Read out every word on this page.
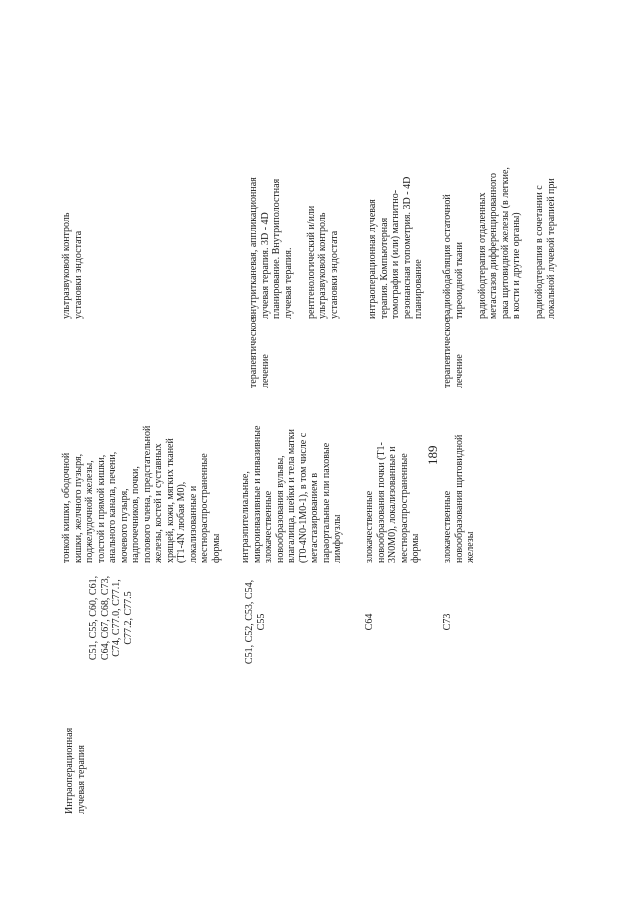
189
Интраоперационная
лучевая терапия
C51, C55, C60, C61,
C64, C67, C68, C73,
C74, C77.0, C77.1,
C77.2, C77.5
тонкой кишки, ободочной
кишки, желчного пузыря,
поджелудочной железы,
толстой и прямой кишки,
анального канала, печени,
мочевого пузыря,
надпочечников, почки,
полового члена, предстательной
железы, костей и суставных
хрящей, кожи, мягких тканей
(T1-4N любая M0),
локализованные и
местнораспространенные
формы
ультразвуковой контроль
установки эндостата
C51, C52, C53, C54,
C55
интраэпителиальные,
микроинвазивные и инвазивные
злокачественные
новообразования вульвы,
влагалища, шейки и тела матки
(T0-4N0-1M0-1), в том числе с
метастазированием в
параортальные или паховые
лимфоузлы
терапевтическое
лечение
внутритканевая, аппликационная
лучевая терапия. 3D - 4D
планирование. Внутриполостная
лучевая терапия.

рентгенологический и/или
ультразвуковой контроль
установки эндостата
C64
злокачественные
новообразования почки (T1-
3N0M0), локализованные и
местнораспространенные
формы
интраоперационная лучевая
терапия. Компьютерная
томография и (или) магнитно-
резонансная топометрия. 3D - 4D
планирование
C73
злокачественные
новообразования щитовидной
железы
терапевтическое
лечение
радиойодабляция остаточной
тиреоидной ткани

радиойодтерапия отдаленных
метастазов дифференцированного
рака щитовидной железы (в легкие,
в кости и другие органы)

радиойодтерапия в сочетании с
локальной лучевой терапией при
